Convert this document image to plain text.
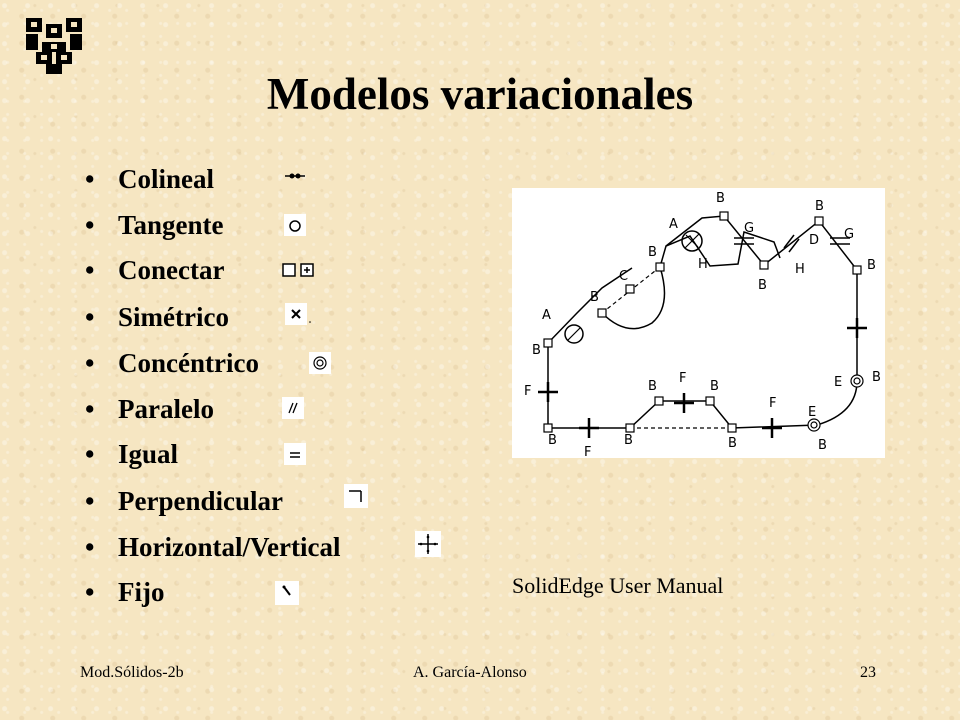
Modelos variacionales
• Colineal
• Tangente
• Conectar
• Simétrico
• Concéntrico
• Paralelo
• Igual
• Perpendicular
• Horizontal/Vertical
• Fijo
B
A	G
B
D G
B
H	H
B
C
B
A
B
F
F
B	B
F
E B
B
F
B
E
B	B
B
SolidEdge User Manual
Mod.Sólidos-2b	A. García-Alonso	23
